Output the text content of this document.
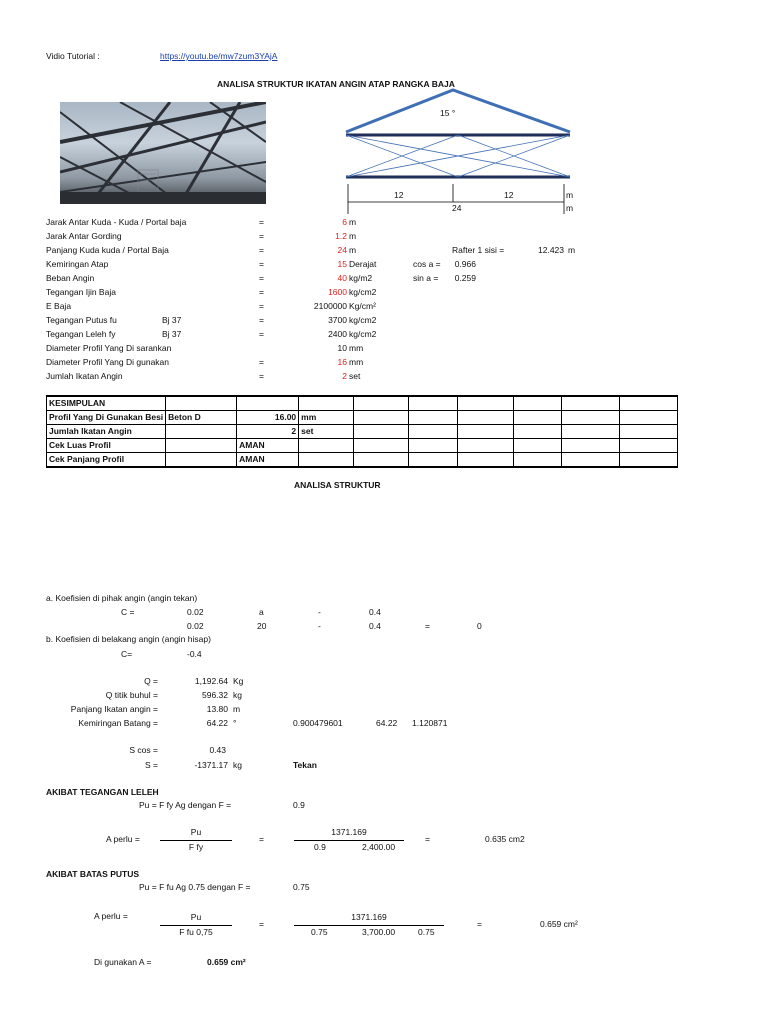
Vidio Tutorial :	https://youtu.be/mw7zum3YAjA
ANALISA STRUKTUR IKATAN ANGIN ATAP RANGKA BAJA
15 °
12	12	m
24	m
Jarak Antar Kuda - Kuda / Portal baja	=	6 m
Jarak Antar Gording	=	1.2 m
Panjang Kuda kuda / Portal Baja	=	24 m	Rafter 1 sisi =	12.423 m
Kemiringan Atap	=	15 Derajat	cos a =	0.966
Beban Angin	=	40 kg/m2	sin a =	0.259
Tegangan Ijin Baja	=	1600 kg/cm2
E Baja	=	2100000 Kg/cm²
Tegangan Putus fu	Bj 37	=	3700 kg/cm2
Tegangan Leleh fy	Bj 37	=	2400 kg/cm2
Diameter Profil Yang Di sarankan	10 mm
Diameter Profil Yang Di gunakan	=	16 mm
Jumlah Ikatan Angin	=	2 set
KESIMPULAN									
Profil Yang Di Gunakan Besi	Beton D	16.00	mm						
Jumlah Ikatan Angin		2	set						
Cek Luas Profil		AMAN							
Cek Panjang Profil		AMAN							
ANALISA STRUKTUR
a. Koefisien di pihak angin (angin tekan)
C =	0.02	a	-	0.4
0.02	20	-	0.4	=	0
b. Koefisien di belakang angin (angin hisap)
C=	-0.4
Q =	1,192.64 Kg
Q titik buhul =	596.32 kg
Panjang Ikatan angin =	13.80 m
Kemiringan Batang =	64.22 °	0.900479601	64.22 1.120871
S cos =	0.43
S =	-1371.17 kg	Tekan
AKIBAT TEGANGAN LELEH
Pu = F fy Ag dengan F =	0.9
A perlu =
Pu
F fy
=
1371.169
0.9	2,400.00
=	0.635 cm2
AKIBAT BATAS PUTUS
Pu = F fu Ag 0.75 dengan F =	0.75
A perlu =	Pu
F fu 0,75
=
1371.169
0.75	3,700.00	0.75
=	0.659 cm²
Di gunakan A =	0.659 cm²
